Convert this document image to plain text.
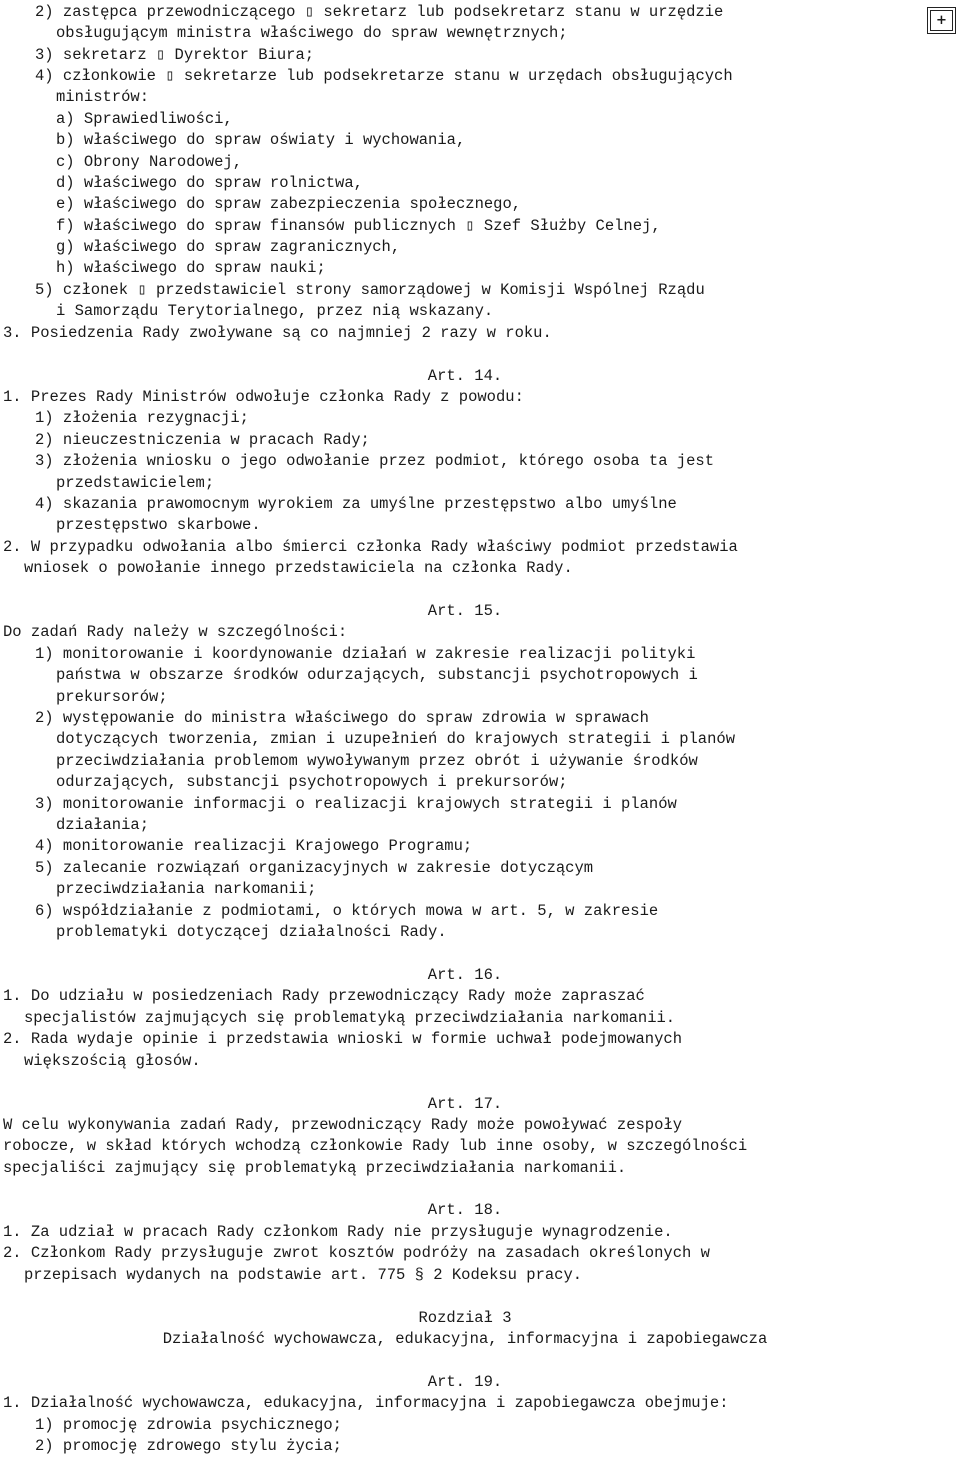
2) zastępca przewodniczącego ▯ sekretarz lub podsekretarz stanu w urzędzie
obsługującym ministra właściwego do spraw wewnętrznych;
3) sekretarz ▯ Dyrektor Biura;
4) członkowie ▯ sekretarze lub podsekretarze stanu w urzędach obsługujących
ministrów:
a) Sprawiedliwości,
b) właściwego do spraw oświaty i wychowania,
c) Obrony Narodowej,
d) właściwego do spraw rolnictwa,
e) właściwego do spraw zabezpieczenia społecznego,
f) właściwego do spraw finansów publicznych ▯ Szef Służby Celnej,
g) właściwego do spraw zagranicznych,
h) właściwego do spraw nauki;
5) członek ▯ przedstawiciel strony samorządowej w Komisji Wspólnej Rządu
i Samorządu Terytorialnego, przez nią wskazany.
3. Posiedzenia Rady zwoływane są co najmniej 2 razy w roku.
Art. 14.
1. Prezes Rady Ministrów odwołuje członka Rady z powodu:
1) złożenia rezygnacji;
2) nieuczestniczenia w pracach Rady;
3) złożenia wniosku o jego odwołanie przez podmiot, którego osoba ta jest
przedstawicielem;
4) skazania prawomocnym wyrokiem za umyślne przestępstwo albo umyślne
przestępstwo skarbowe.
2. W przypadku odwołania albo śmierci członka Rady właściwy podmiot przedstawia
wniosek o powołanie innego przedstawiciela na członka Rady.
Art. 15.
Do zadań Rady należy w szczególności:
1) monitorowanie i koordynowanie działań w zakresie realizacji polityki
państwa w obszarze środków odurzających, substancji psychotropowych i
prekursorów;
2) występowanie do ministra właściwego do spraw zdrowia w sprawach
dotyczących tworzenia, zmian i uzupełnień do krajowych strategii i planów
przeciwdziałania problemom wywoływanym przez obrót i używanie środków
odurzających, substancji psychotropowych i prekursorów;
3) monitorowanie informacji o realizacji krajowych strategii i planów
działania;
4) monitorowanie realizacji Krajowego Programu;
5) zalecanie rozwiązań organizacyjnych w zakresie dotyczącym
przeciwdziałania narkomanii;
6) współdziałanie z podmiotami, o których mowa w art. 5, w zakresie
problematyki dotyczącej działalności Rady.
Art. 16.
1. Do udziału w posiedzeniach Rady przewodniczący Rady może zapraszać
specjalistów zajmujących się problematyką przeciwdziałania narkomanii.
2. Rada wydaje opinie i przedstawia wnioski w formie uchwał podejmowanych
większością głosów.
Art. 17.
W celu wykonywania zadań Rady, przewodniczący Rady może powoływać zespoły
robocze, w skład których wchodzą członkowie Rady lub inne osoby, w szczególności
specjaliści zajmujący się problematyką przeciwdziałania narkomanii.
Art. 18.
1. Za udział w pracach Rady członkom Rady nie przysługuje wynagrodzenie.
2. Członkom Rady przysługuje zwrot kosztów podróży na zasadach określonych w
przepisach wydanych na podstawie art. 775 § 2 Kodeksu pracy.
Rozdział 3
Działalność wychowawcza, edukacyjna, informacyjna i zapobiegawcza
Art. 19.
1. Działalność wychowawcza, edukacyjna, informacyjna i zapobiegawcza obejmuje:
1) promocję zdrowia psychicznego;
2) promocję zdrowego stylu życia;
+
